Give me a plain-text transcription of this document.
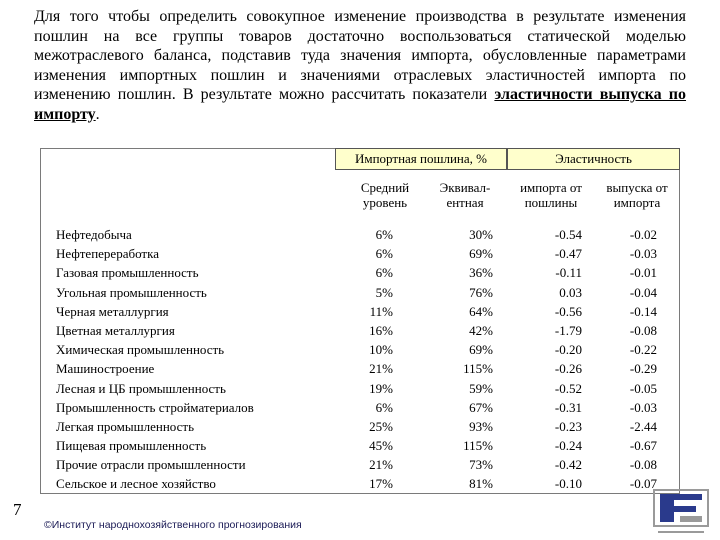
Для того чтобы определить совокупное изменение производства в результате изменения пошлин на все группы товаров достаточно воспользоваться статической моделью межотраслевого баланса, подставив туда значения импорта, обусловленные параметрами изменения импортных пошлин и значениями отраслевых эластичностей импорта по изменению пошлин. В результате можно рассчитать показатели эластичности выпуска по импорту.

Импортная пошлина, %	Эластичность
Средний уровень
Эквивал-ентная
импорта от пошлины
выпуска от импорта
Нефтедобыча
Нефтепереработка
Газовая промышленность
Угольная промышленность
Черная металлургия
Цветная металлургия
Химическая промышленность
Машиностроение
Лесная и ЦБ промышленность
Промышленность стройматериалов
Легкая промышленность
Пищевая промышленность
Прочие отрасли промышленности
Сельское и лесное хозяйство
6%
6%
6%
5%
11%
16%
10%
21%
19%
6%
25%
45%
21%
17%
30%
69%
36%
76%
64%
42%
69%
115%
59%
67%
93%
115%
73%
81%
-0.54
-0.47
-0.11
0.03
-0.56
-1.79
-0.20
-0.26
-0.52
-0.31
-0.23
-0.24
-0.42
-0.10
-0.02
-0.03
-0.01
-0.04
-0.14
-0.08
-0.22
-0.29
-0.05
-0.03
-2.44
-0.67
-0.08
-0.07
7
©Институт народнохозяйственного прогнозирования
